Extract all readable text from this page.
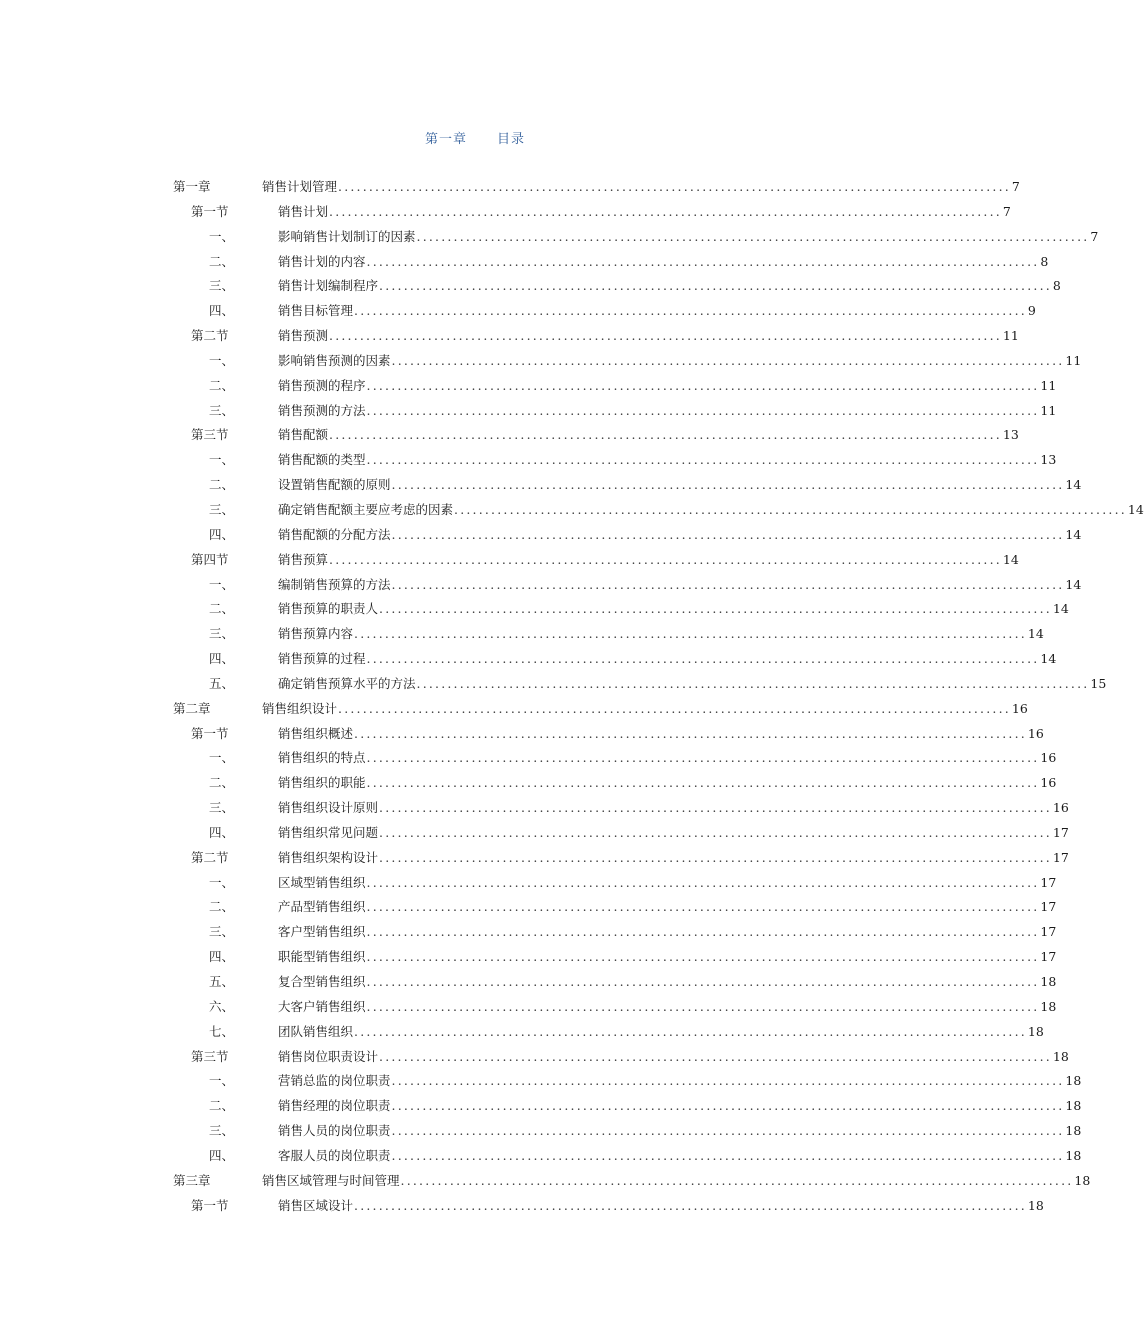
第一章 目录
第一章	销售计划管理 ............................................................................................................. 7
第一节	销售计划 ............................................................................................................. 7
一、	影响销售计划制订的因素 ............................................................................................................. 7
二、	销售计划的内容 ............................................................................................................. 8
三、	销售计划编制程序 ............................................................................................................. 8
四、	销售目标管理 ............................................................................................................. 9
第二节	销售预测 ............................................................................................................. 11
一、	影响销售预测的因素 ............................................................................................................. 11
二、	销售预测的程序 ............................................................................................................. 11
三、	销售预测的方法 ............................................................................................................. 11
第三节	销售配额 ............................................................................................................. 13
一、	销售配额的类型 ............................................................................................................. 13
二、	设置销售配额的原则 ............................................................................................................. 14
三、	确定销售配额主要应考虑的因素 ............................................................................................................. 14
四、	销售配额的分配方法 ............................................................................................................. 14
第四节	销售预算 ............................................................................................................. 14
一、	编制销售预算的方法 ............................................................................................................. 14
二、	销售预算的职责人 ............................................................................................................. 14
三、	销售预算内容 ............................................................................................................. 14
四、	销售预算的过程 ............................................................................................................. 14
五、	确定销售预算水平的方法 ............................................................................................................. 15
第二章	销售组织设计 ............................................................................................................. 16
第一节	销售组织概述 ............................................................................................................. 16
一、	销售组织的特点 ............................................................................................................. 16
二、	销售组织的职能 ............................................................................................................. 16
三、	销售组织设计原则 ............................................................................................................. 16
四、	销售组织常见问题 ............................................................................................................. 17
第二节	销售组织架构设计 ............................................................................................................. 17
一、	区域型销售组织 ............................................................................................................. 17
二、	产品型销售组织 ............................................................................................................. 17
三、	客户型销售组织 ............................................................................................................. 17
四、	职能型销售组织 ............................................................................................................. 17
五、	复合型销售组织 ............................................................................................................. 18
六、	大客户销售组织 ............................................................................................................. 18
七、	团队销售组织 ............................................................................................................. 18
第三节	销售岗位职责设计 ............................................................................................................. 18
一、	营销总监的岗位职责 ............................................................................................................. 18
二、	销售经理的岗位职责 ............................................................................................................. 18
三、	销售人员的岗位职责 ............................................................................................................. 18
四、	客服人员的岗位职责 ............................................................................................................. 18
第三章	销售区域管理与时间管理 ............................................................................................................. 18
第一节	销售区域设计 ............................................................................................................. 18
